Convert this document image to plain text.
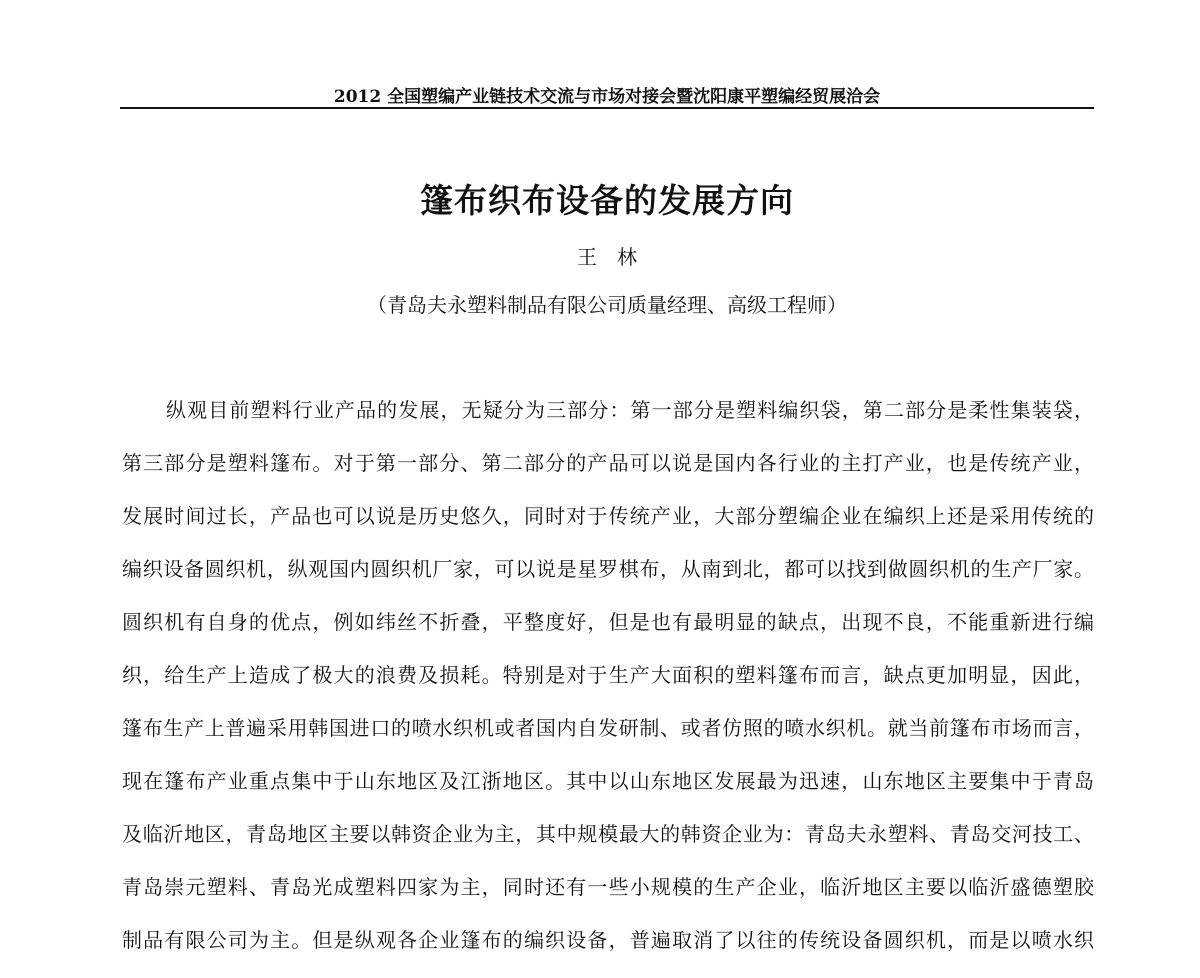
2012 全国塑编产业链技术交流与市场对接会暨沈阳康平塑编经贸展洽会
篷布织布设备的发展方向
王　林
（青岛夫永塑料制品有限公司质量经理、高级工程师）
纵观目前塑料行业产品的发展，无疑分为三部分：第一部分是塑料编织袋，第二部分是柔性集装袋，
第三部分是塑料篷布。对于第一部分、第二部分的产品可以说是国内各行业的主打产业，也是传统产业，
发展时间过长，产品也可以说是历史悠久，同时对于传统产业，大部分塑编企业在编织上还是采用传统的
编织设备圆织机，纵观国内圆织机厂家，可以说是星罗棋布，从南到北，都可以找到做圆织机的生产厂家。
圆织机有自身的优点，例如纬丝不折叠，平整度好，但是也有最明显的缺点，出现不良，不能重新进行编
织，给生产上造成了极大的浪费及损耗。特别是对于生产大面积的塑料篷布而言，缺点更加明显，因此，
篷布生产上普遍采用韩国进口的喷水织机或者国内自发研制、或者仿照的喷水织机。就当前篷布市场而言，
现在篷布产业重点集中于山东地区及江浙地区。其中以山东地区发展最为迅速，山东地区主要集中于青岛
及临沂地区，青岛地区主要以韩资企业为主，其中规模最大的韩资企业为：青岛夫永塑料、青岛交河技工、
青岛崇元塑料、青岛光成塑料四家为主，同时还有一些小规模的生产企业，临沂地区主要以临沂盛德塑胶
制品有限公司为主。但是纵观各企业篷布的编织设备，普遍取消了以往的传统设备圆织机，而是以喷水织
